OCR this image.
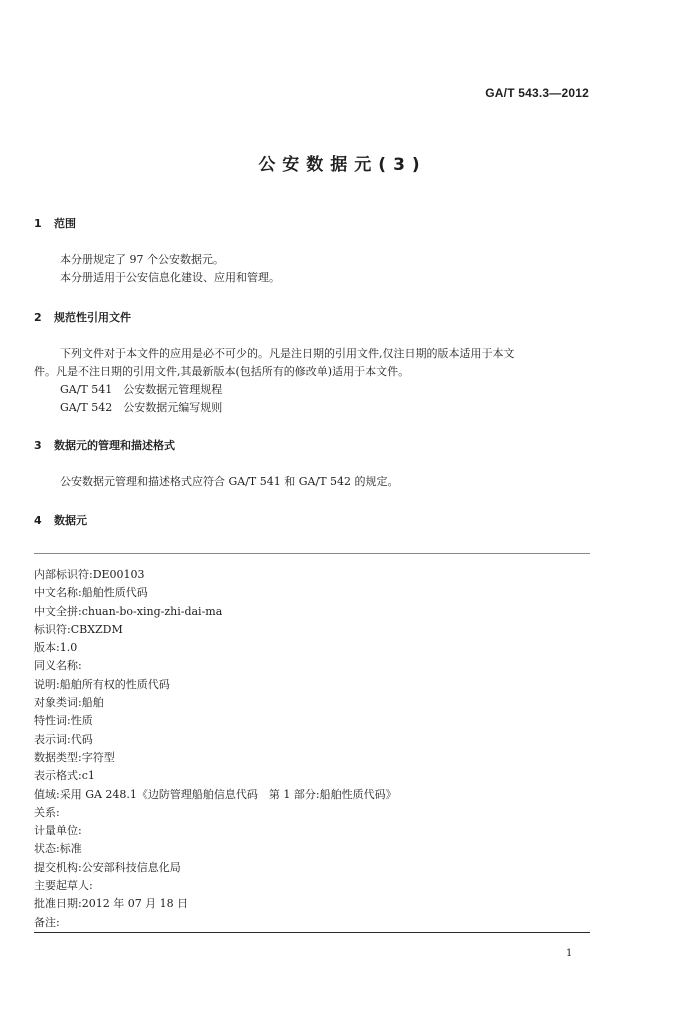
GA/T 543.3—2012
公安数据元(3)
1 范围
本分册规定了 97 个公安数据元。
本分册适用于公安信息化建设、应用和管理。
2 规范性引用文件
下列文件对于本文件的应用是必不可少的。凡是注日期的引用文件,仅注日期的版本适用于本文
件。凡是不注日期的引用文件,其最新版本(包括所有的修改单)适用于本文件。
GA/T 541　公安数据元管理规程
GA/T 542　公安数据元编写规则
3 数据元的管理和描述格式
公安数据元管理和描述格式应符合 GA/T 541 和 GA/T 542 的规定。
4 数据元
内部标识符:DE00103
中文名称:船舶性质代码
中文全拼:chuan-bo-xing-zhi-dai-ma
标识符:CBXZDM
版本:1.0
同义名称:
说明:船舶所有权的性质代码
对象类词:船舶
特性词:性质
表示词:代码
数据类型:字符型
表示格式:c1
值域:采用 GA 248.1《边防管理船舶信息代码　第 1 部分:船舶性质代码》
关系:
计量单位:
状态:标准
提交机构:公安部科技信息化局
主要起草人:
批准日期:2012 年 07 月 18 日
备注:
1
